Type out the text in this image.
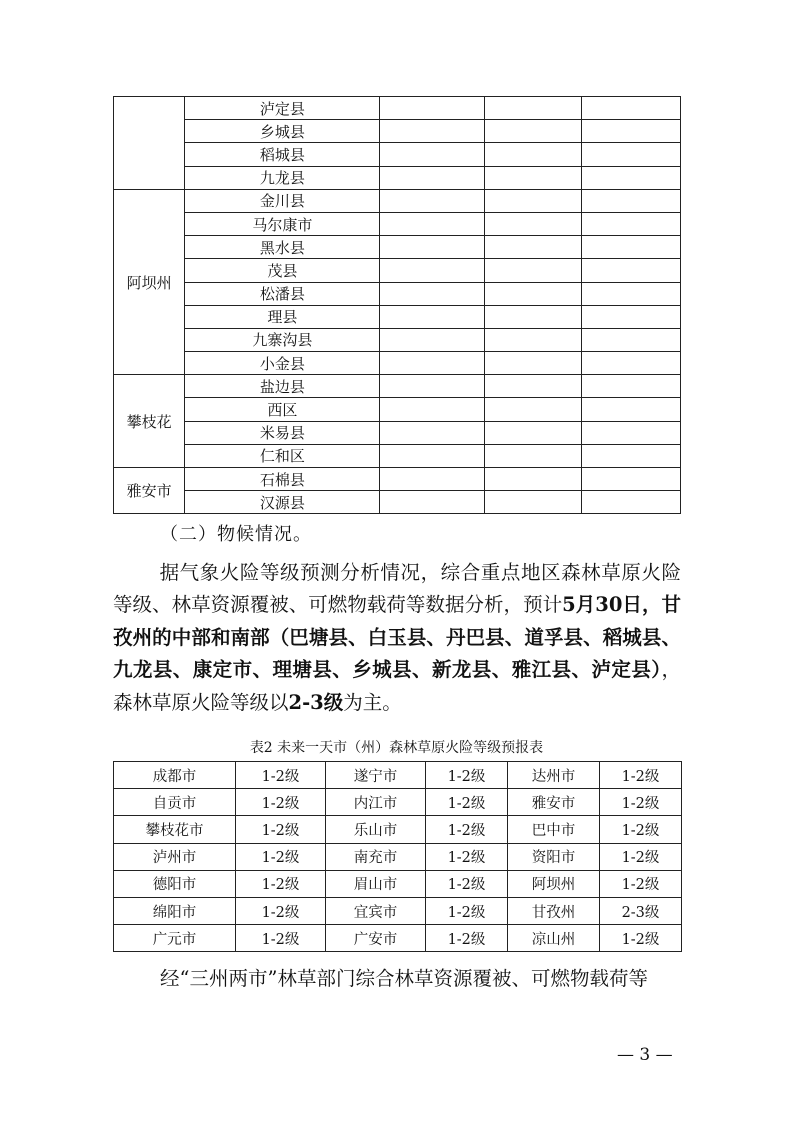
	泸定县			
	乡城县			
	稻城县			
	九龙县			
阿坝州	金川县			
	马尔康市			
	黑水县			
	茂县			
	松潘县			
	理县			
	九寨沟县			
	小金县			
攀枝花	盐边县			
	西区			
	米易县			
	仁和区			
雅安市	石棉县			
	汉源县			
（二）物候情况。
据气象火险等级预测分析情况，综合重点地区森林草原火险等级、林草资源覆被、可燃物载荷等数据分析，预计5月30日，甘孜州的中部和南部（巴塘县、白玉县、丹巴县、道孚县、稻城县、九龙县、康定市、理塘县、乡城县、新龙县、雅江县、泸定县），森林草原火险等级以2-3级为主。
表2 未来一天市（州）森林草原火险等级预报表
成都市	1-2级	遂宁市	1-2级	达州市	1-2级
自贡市	1-2级	内江市	1-2级	雅安市	1-2级
攀枝花市	1-2级	乐山市	1-2级	巴中市	1-2级
泸州市	1-2级	南充市	1-2级	资阳市	1-2级
德阳市	1-2级	眉山市	1-2级	阿坝州	1-2级
绵阳市	1-2级	宜宾市	1-2级	甘孜州	2-3级
广元市	1-2级	广安市	1-2级	凉山州	1-2级
经“三州两市”林草部门综合林草资源覆被、可燃物载荷等
— 3 —
